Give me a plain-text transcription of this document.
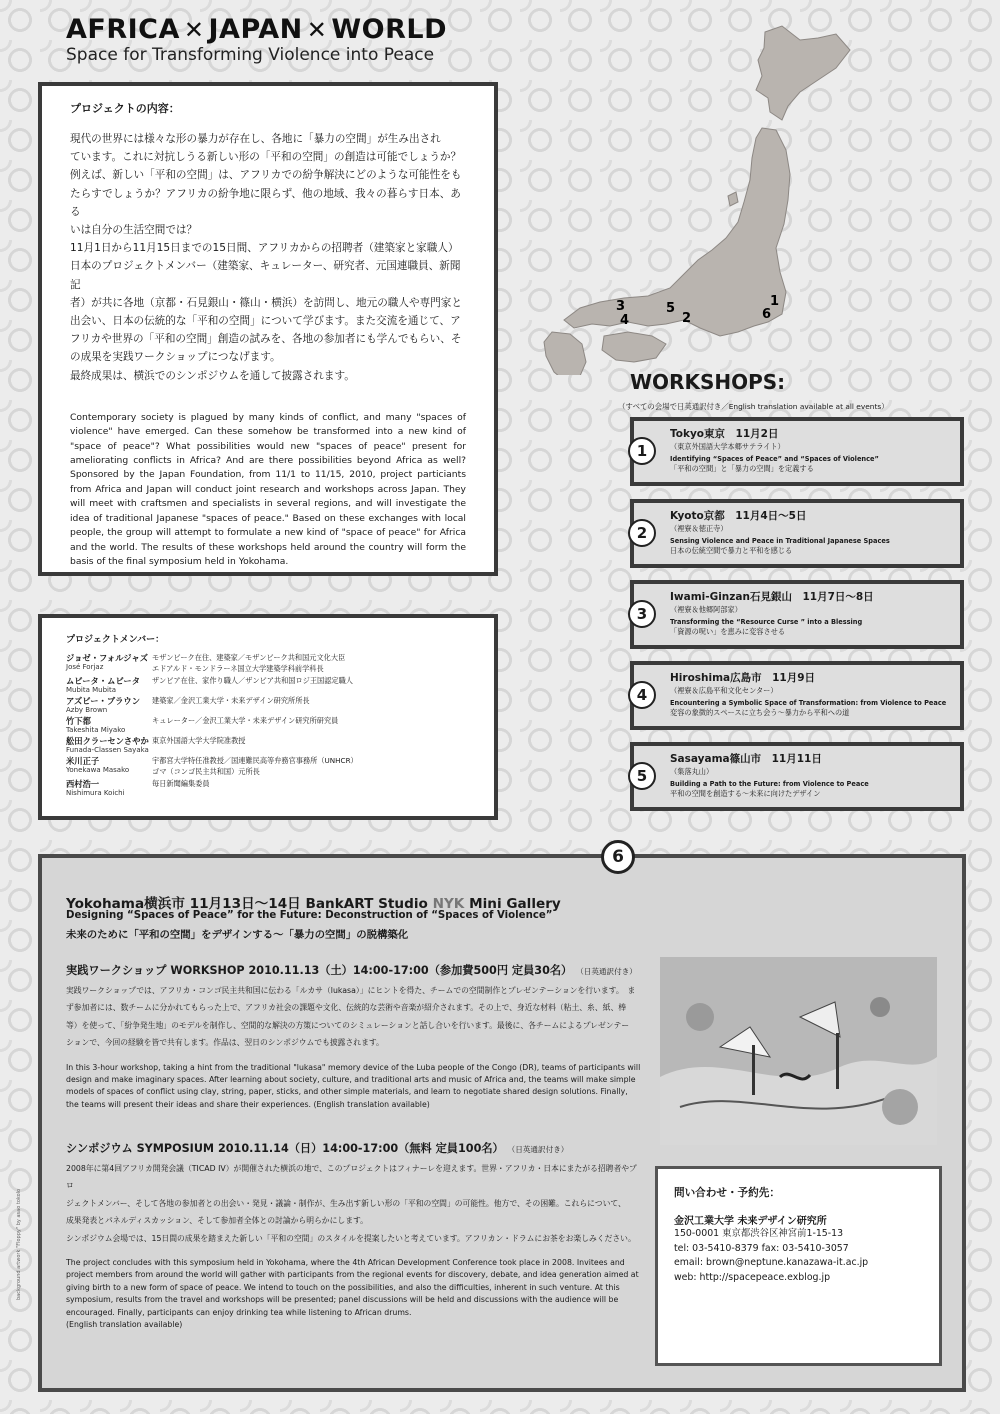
AFRICA ✕ JAPAN ✕ WORLD
Space for Transforming Violence into Peace
プロジェクトの内容：
現代の世界には様々な形の暴力が存在し、各地に「暴力の空間」が生み出され
ています。これに対抗しうる新しい形の「平和の空間」の創造は可能でしょうか？
例えば、新しい「平和の空間」は、アフリカでの紛争解決にどのような可能性をも
たらすでしょうか？アフリカの紛争地に限らず、他の地域、我々の暮らす日本、ある
いは自分の生活空間では？
11月1日から11月15日までの15日間、アフリカからの招聘者（建築家と家職人）
日本のプロジェクトメンバー（建築家、キュレーター、研究者、元国連職員、新聞記
者）が共に各地（京都・石見銀山・篠山・横浜）を訪問し、地元の職人や専門家と
出会い、日本の伝統的な「平和の空間」について学びます。また交流を通じて、ア
フリカや世界の「平和の空間」創造の試みを、各地の参加者にも学んでもらい、そ
の成果を実践ワークショップにつなげます。
最終成果は、横浜でのシンポジウムを通して披露されます。

Contemporary society is plagued by many kinds of conflict, and many "spaces of violence" have emerged. Can these somehow be transformed into a new kind of "space of peace"? What possibilities would new "spaces of peace" present for ameliorating conflicts in Africa? And are there possibilities beyond Africa as well? Sponsored by the Japan Foundation, from 11/1 to 11/15, 2010, project particiants from Africa and Japan will conduct joint research and workshops across Japan. They will meet with craftsmen and specialists in several regions, and will investigate the idea of traditional Japanese "spaces of peace." Based on these exchanges with local people, the group will attempt to formulate a new kind of "space of peace" for Africa and the world. The results of these workshops held around the country will form the basis of the final symposium held in Yokohama.

プロジェクトメンバー：
ジョゼ・フォルジャズ
José Forjaz
モザンビーク在住、建築家／モザンビーク共和国元文化大臣
エドアルド・モンドラーネ国立大学建築学科前学科長
ムビータ・ムビータ
Mubita Mubita
ザンビア在住、家作り職人／ザンビア共和国ロジ王国認定職人
アズビー・ブラウン
Azby Brown
建築家／金沢工業大学・未来デザイン研究所所長
竹下都
Takeshita Miyako
キュレーター／金沢工業大学・未来デザイン研究所研究員
舩田クラーセンさやか
Funada-Classen Sayaka
東京外国語大学大学院准教授
米川正子
Yonekawa Masako
宇都宮大学特任准教授／国連難民高等弁務官事務所（UNHCR）
ゴマ（コンゴ民主共和国）元所長
西村浩一
Nishimura Koichi
毎日新聞編集委員
3
4
5
2
1
6
WORKSHOPS:
（すべての会場で日英通訳付き／English translation available at all events）
1
Tokyo東京　11月2日
（東京外国語大学本郷サテライト）
Identifying “Spaces of Peace” and “Spaces of Violence”
「平和の空間」と「暴力の空間」を定義する
2
Kyoto京都　11月4日～5日
（裡寮＆徳正寺）
Sensing Violence and Peace in Traditional Japanese Spaces
日本の伝統空間で暴力と平和を感じる
3
Iwami-Ginzan石見銀山　11月7日～8日
（裡寮＆他郷阿部家）
Transforming the “Resource Curse ” into a Blessing
「資源の呪い」を恵みに変容させる
4
Hiroshima広島市　11月9日
（裡寮＆広島平和文化センター）
Encountering a Symbolic Space of Transformation: from Violence to Peace
変容の象徴的スペースに立ち会う～暴力から平和への道
5
Sasayama篠山市　11月11日
（集落丸山）
Building a Path to the Future: from Violence to Peace
平和の空間を創造する～未来に向けたデザイン
6
Yokohama横浜市 11月13日～14日 BankART Studio NYK Mini Gallery
Designing “Spaces of Peace” for the Future: Deconstruction of “Spaces of Violence”
未来のために「平和の空間」をデザインする～「暴力の空間」の脱構築化
実践ワークショップ WORKSHOP 2010.11.13（土）14:00-17:00（参加費500円 定員30名） （日英通訳付き）
実践ワークショップでは、アフリカ・コンゴ民主共和国に伝わる「ルカサ（lukasa）」にヒントを得た、チームでの空間制作とプレゼンテーションを行います。　ま
ず参加者には、数チームに分かれてもらった上で、アフリカ社会の課題や文化、伝統的な芸術や音楽が紹介されます。その上で、身近な材料（粘土、糸、紙、棒
等）を使って、「紛争発生地」のモデルを制作し、空間的な解決の方策についてのシミュレーションと話し合いを行います。最後に、各チームによるプレゼンテー
ションで、今回の経験を皆で共有します。作品は、翌日のシンポジウムでも披露されます。

In this 3-hour workshop, taking a hint from the traditional "lukasa" memory device of the Luba people of the Congo (DR), teams of participants will design and make imaginary spaces. After learning about society, culture, and traditional arts and music of Africa and, the teams will make simple models of spaces of conflict using clay, string, paper, sticks, and other simple materials, and learn to negotiate shared design solutions. Finally, the teams will present their ideas and share their experiences. (English translation available)

シンポジウム SYMPOSIUM 2010.11.14（日）14:00-17:00（無料 定員100名） （日英通訳付き）
2008年に第4回アフリカ開発会議（TICAD IV）が開催された横浜の地で、このプロジェクトはフィナーレを迎えます。世界・アフリカ・日本にまたがる招聘者やプロ
ジェクトメンバー、そして各地の参加者との出会い・発見・議論・制作が、生み出す新しい形の「平和の空間」の可能性。他方で、その困難。これらについて、
成果発表とパネルディスカッション、そして参加者全体との討論から明らかにします。
シンポジウム会場では、15日間の成果を踏まえた新しい「平和の空間」のスタイルを提案したいと考えています。アフリカン・ドラムにお茶をお楽しみください。

The project concludes with this symposium held in Yokohama, where the 4th African Development Conference took place in 2008. Invitees and project members from around the world will gather with participants from the regional events for discovery, debate, and idea generation aimed at giving birth to a new form of space of peace. We intend to touch on the possibilities, and also the difficulties, inherent in such venture. At this symposium, results from the travel and workshops will be presented; panel discussions will be held and discussions with the audience will be encouraged. Finally, participants can enjoy drinking tea while listening to African drums.

(English translation available)

問い合わせ・予約先：
金沢工業大学 未来デザイン研究所
150-0001 東京都渋谷区神宮前1-15-13
tel: 03-5410-8379 fax: 03-5410-3057
email: brown@neptune.kanazawa-it.ac.jp
web: http://spacepeace.exblog.jp
background artwork "Floppy" by asao tokolo
